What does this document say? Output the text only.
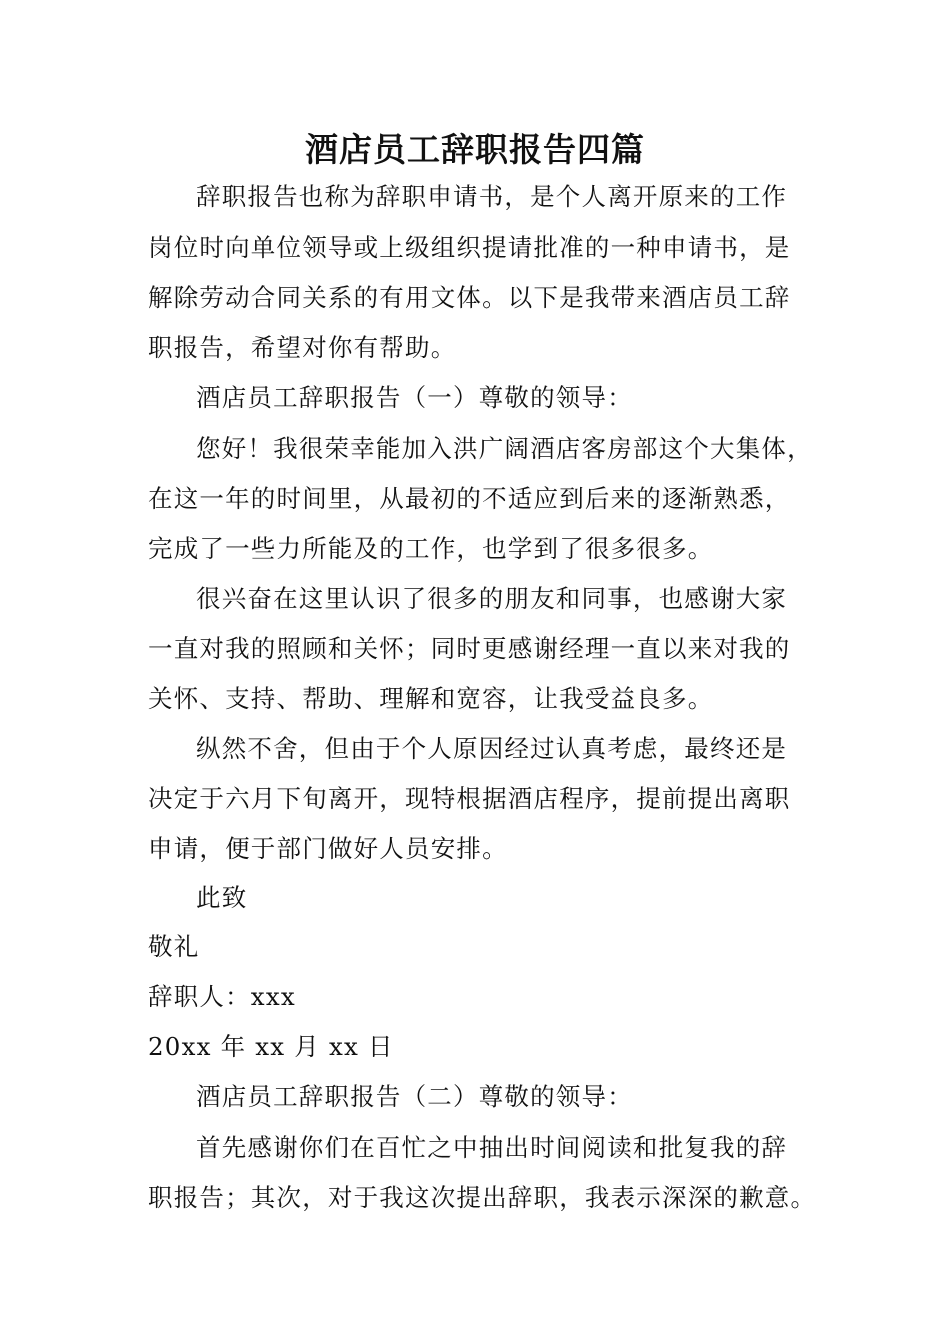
酒店员工辞职报告四篇
辞职报告也称为辞职申请书，是个人离开原来的工作
岗位时向单位领导或上级组织提请批准的一种申请书，是
解除劳动合同关系的有用文体。以下是我带来酒店员工辞
职报告，希望对你有帮助。
酒店员工辞职报告（一）尊敬的领导：
您好！我很荣幸能加入洪广阔酒店客房部这个大集体，
在这一年的时间里，从最初的不适应到后来的逐渐熟悉，
完成了一些力所能及的工作，也学到了很多很多。
很兴奋在这里认识了很多的朋友和同事，也感谢大家
一直对我的照顾和关怀；同时更感谢经理一直以来对我的
关怀、支持、帮助、理解和宽容，让我受益良多。
纵然不舍，但由于个人原因经过认真考虑，最终还是
决定于六月下旬离开，现特根据酒店程序，提前提出离职
申请，便于部门做好人员安排。
此致
敬礼
辞职人：xxx
20xx 年 xx 月 xx 日
酒店员工辞职报告（二）尊敬的领导：
首先感谢你们在百忙之中抽出时间阅读和批复我的辞
职报告；其次，对于我这次提出辞职，我表示深深的歉意。
